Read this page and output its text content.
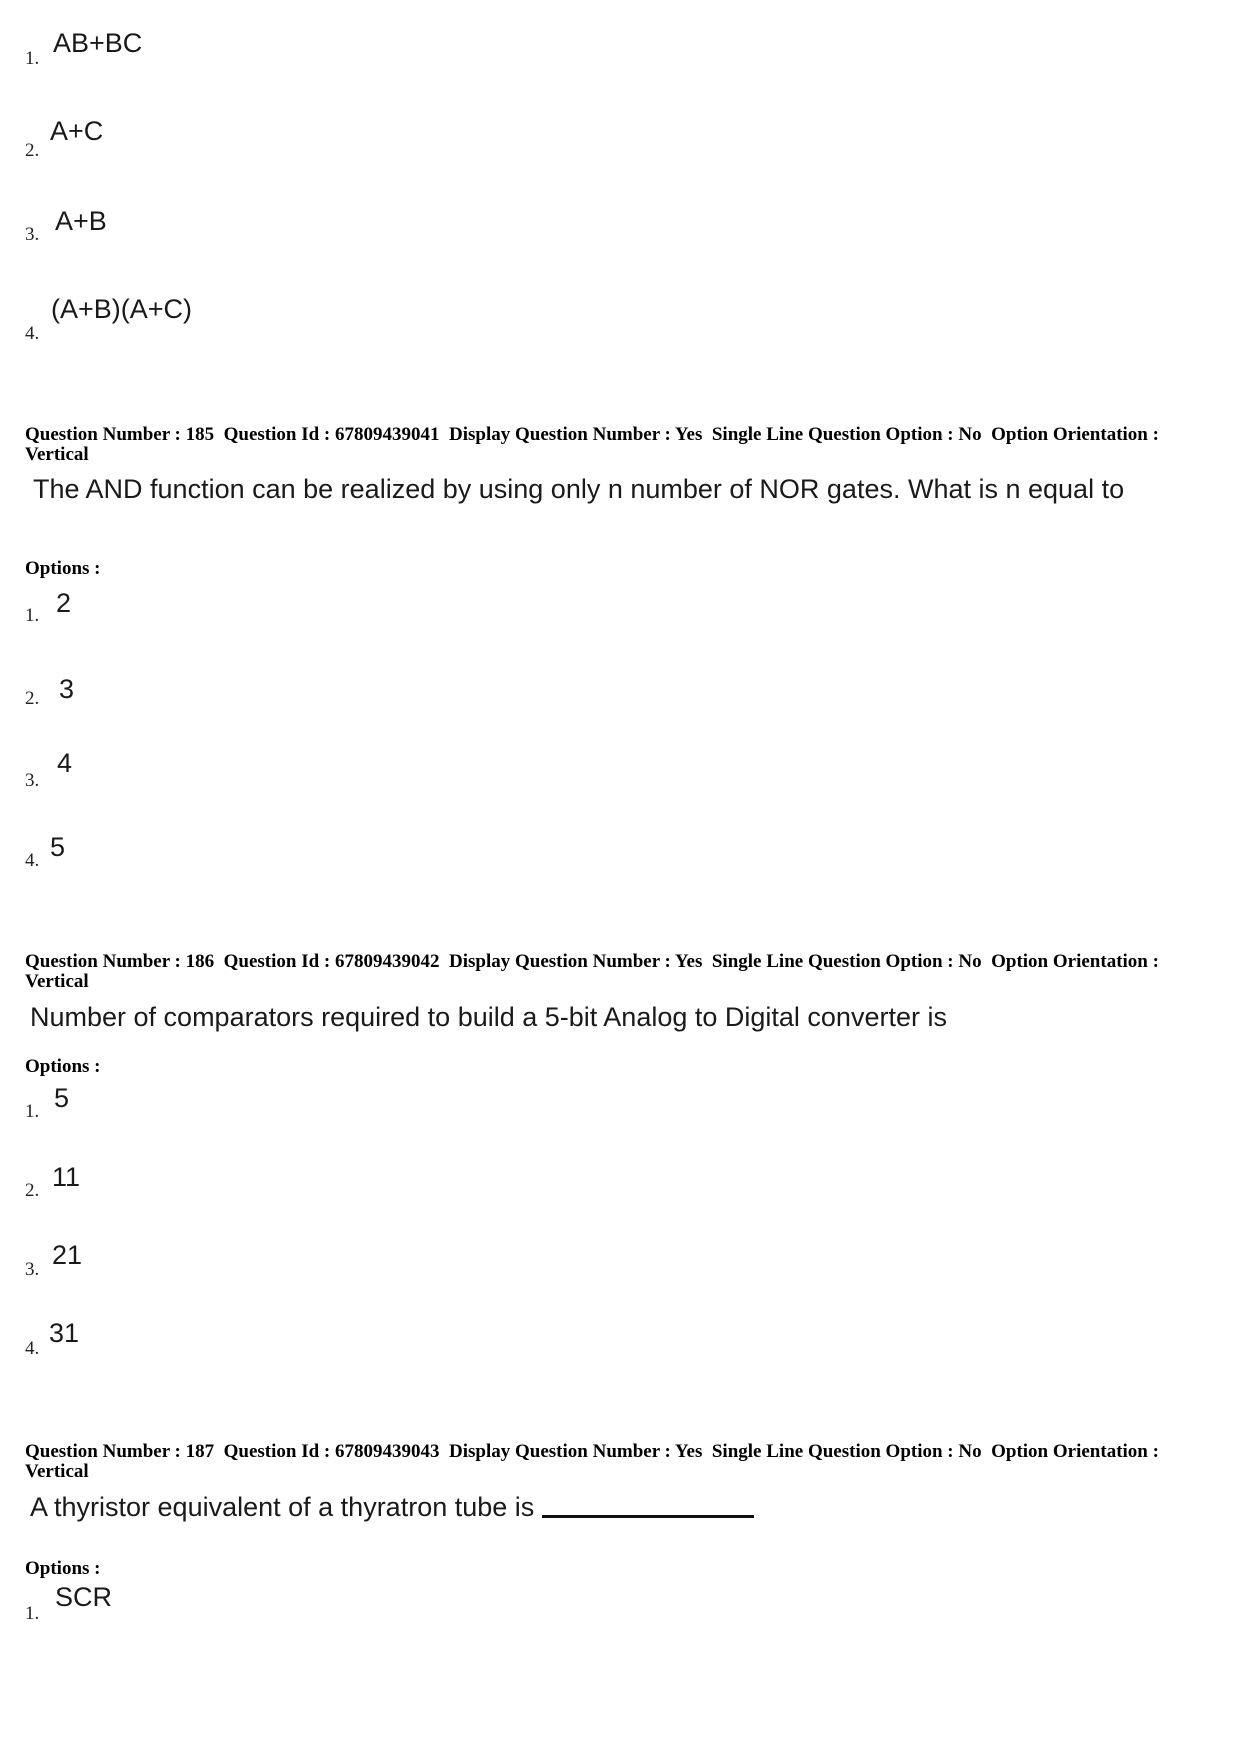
1.
AB+BC
2.
A+C
3. A+B
4.
(A+B)(A+C)
Question Number : 185  Question Id : 67809439041  Display Question Number : Yes  Single Line Question Option : No  Option Orientation : Vertical
The AND function can be realized by using only n number of NOR gates. What is n equal to
Options :
1. 2
2. 3
3.
4
4. 5
Question Number : 186  Question Id : 67809439042  Display Question Number : Yes  Single Line Question Option : No  Option Orientation : Vertical
Number of comparators required to build a 5-bit Analog to Digital converter is
Options :
1. 5
2. 11
3. 21
4.
31
Question Number : 187  Question Id : 67809439043  Display Question Number : Yes  Single Line Question Option : No  Option Orientation : Vertical
A thyristor equivalent of a thyratron tube is
Options :
1.
SCR
